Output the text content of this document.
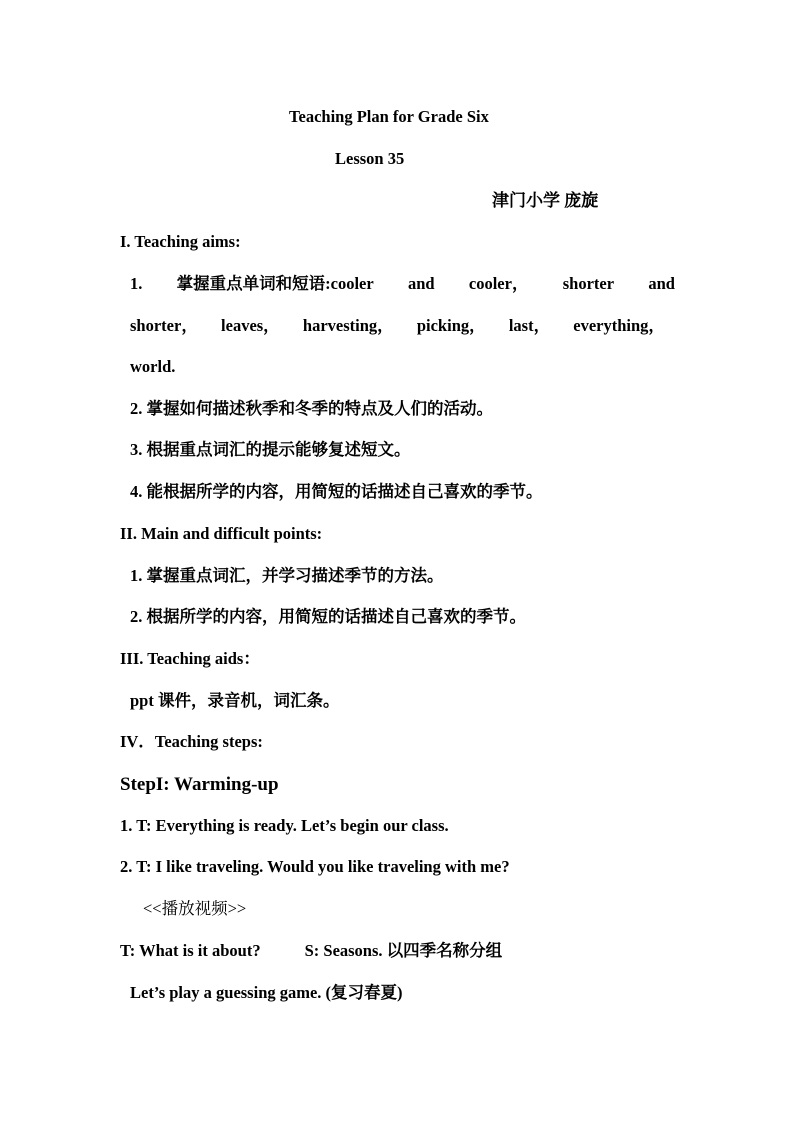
Teaching Plan for Grade Six
Lesson 35
津门小学 庞旋
I. Teaching aims:
1. 掌握重点单词和短语:cooler and cooler， shorter and
shorter， leaves， harvesting， picking， last， everything，
world.
2. 掌握如何描述秋季和冬季的特点及人们的活动。
3. 根据重点词汇的提示能够复述短文。
4. 能根据所学的内容，用简短的话描述自己喜欢的季节。
II. Main and difficult points:
1. 掌握重点词汇，并学习描述季节的方法。
2. 根据所学的内容，用简短的话描述自己喜欢的季节。
III. Teaching aids：
ppt 课件，录音机，词汇条。
IV．Teaching steps:
StepI: Warming-up
1. T: Everything is ready. Let’s begin our class.
2. T: I like traveling. Would you like traveling with me?
<<播放视频>>
T: What is it about?	S: Seasons. 以四季名称分组
Let’s play a guessing game. (复习春夏)
